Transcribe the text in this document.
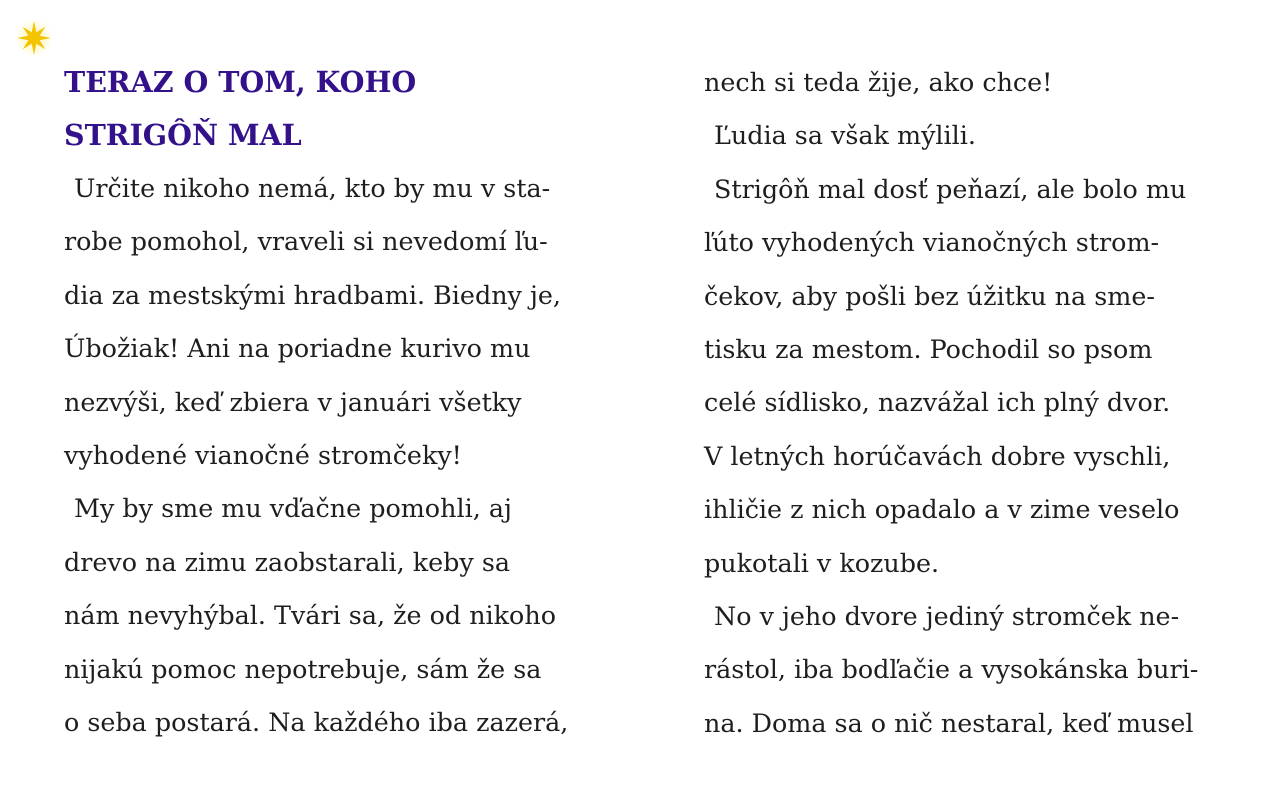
TERAZ O TOM, KOHO
STRIGÔŇ MAL
Určite nikoho nemá, kto by mu v sta-
robe pomohol, vraveli si nevedomí ľu-
dia za mestskými hradbami. Biedny je,
Úbožiak! Ani na poriadne kurivo mu
nezvýši, keď zbiera v januári všetky
vyhodené vianočné stromčeky!
My by sme mu vďačne pomohli, aj
drevo na zimu zaobstarali, keby sa
nám nevyhýbal. Tvári sa, že od nikoho
nijakú pomoc nepotrebuje, sám že sa
o seba postará. Na každého iba zazerá,
nech si teda žije, ako chce!
Ľudia sa však mýlili.
Strigôň mal dosť peňazí, ale bolo mu
ľúto vyhodených vianočných strom-
čekov, aby pošli bez úžitku na sme-
tisku za mestom. Pochodil so psom
celé sídlisko, nazvážal ich plný dvor.
V letných horúčavách dobre vyschli,
ihličie z nich opadalo a v zime veselo
pukotali v kozube.
No v jeho dvore jediný stromček ne-
rástol, iba bodľačie a vysokánska buri-
na. Doma sa o nič nestaral, keď musel
